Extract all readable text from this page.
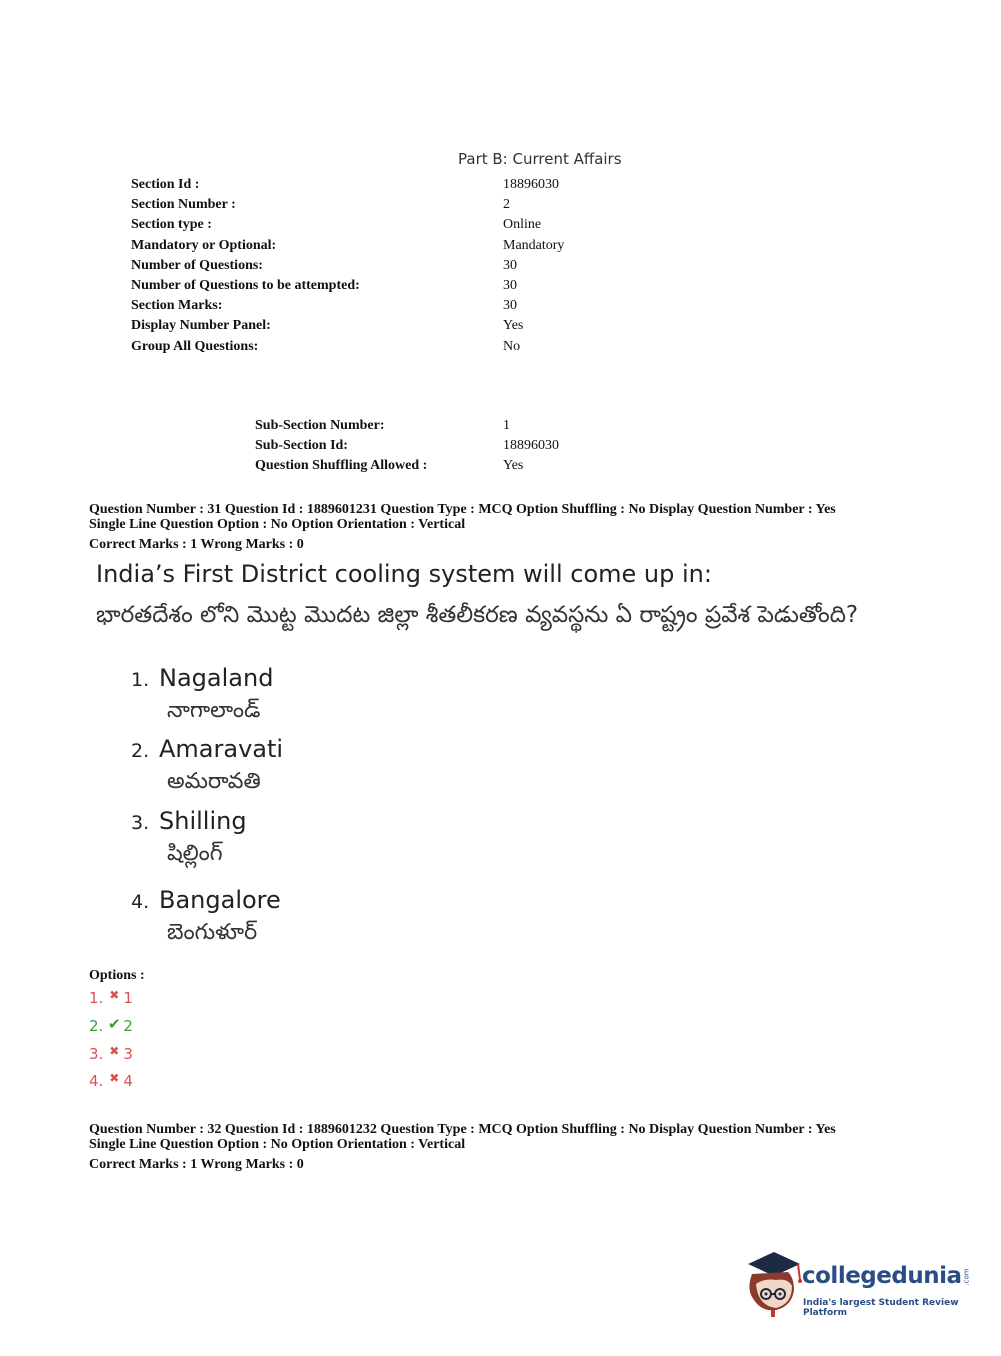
Part B: Current Affairs
Section Id :	18896030
Section Number :	2
Section type :	Online
Mandatory or Optional:	Mandatory
Number of Questions:	30
Number of Questions to be attempted:	30
Section Marks:	30
Display Number Panel:	Yes
Group All Questions:	No
Sub-Section Number:	1
Sub-Section Id:	18896030
Question Shuffling Allowed :	Yes
Question Number : 31 Question Id : 1889601231 Question Type : MCQ Option Shuffling : No Display Question Number : Yes
Single Line Question Option : No Option Orientation : Vertical
Correct Marks : 1 Wrong Marks : 0
India’s First District cooling system will come up in:
భారతదేశం లోని మొట్ట మొదట జిల్లా శీతలీకరణ వ్యవస్థను ఏ రాష్ట్రం ప్రవేశ పెడుతోంది?
1. Nagaland
నాగాలాండ్
2. Amaravati
అమరావతి
3. Shilling
షిల్లింగ్
4. Bangalore
బెంగుళూర్
Options :
1. ✖ 1
2. ✔ 2
3. ✖ 3
4. ✖ 4
Question Number : 32 Question Id : 1889601232 Question Type : MCQ Option Shuffling : No Display Question Number : Yes
Single Line Question Option : No Option Orientation : Vertical
Correct Marks : 1 Wrong Marks : 0
collegedunia .com
India's largest Student Review Platform
